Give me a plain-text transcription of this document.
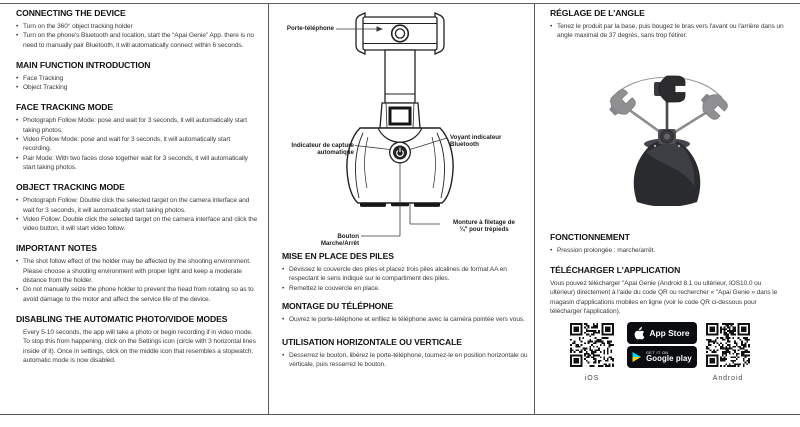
CONNECTING THE DEVICE
• Turn on the 360° object tracking holder
• Turn on the phone's Bluetooth and location, start the “Apai Genie” App. there is no need to manually pair Bluetooth, it will automatically connect within 6 seconds.
MAIN FUNCTION INTRODUCTION
• Face Tracking
• Object Tracking
FACE TRACKING MODE
• Photograph Follow Mode: pose and wait for 3 seconds, it will automatically start taking photos.
• Video Follow Mode: pose and wait for 3 seconds, it will automatically start recording.
• Pair Mode: With two faces close together wait for 3 seconds, it will automatically start taking photos.
OBJECT TRACKING MODE
• Photograph Follow: Double click the selected target on the camera interface and wait for 3 seconds, it will automatically start taking photos.
• Video Follow: Double click the selected target on the camera interface and click the video button, it will start video follow.
IMPORTANT NOTES
• The shot follow effect of the holder may be affected by the shooting environment. Please choose a shooting environment with proper light and keep a moderate distance from the holder.
• Do not manually seize the phone holder to prevent the head from rotating so as to avoid damage to the motor and affect the service life of the device.
DISABLING THE AUTOMATIC PHOTO/VIDOE MODES
Every 5-10 seconds, the app will take a photo or begin recording if in video mode. To stop this from happening, click on the Settings icon (circle with 3 horizontal lines inside of it). Once in settings, click on the middle icon that resembles a stopwatch; automatic mode is now disabled.
Porte-téléphone
Indicateur de capture automatique
Voyant indicateur Bluetooth
Bouton Marche/Arrêt
Monture à filetage de
¼" pour trépieds
MISE EN PLACE DES PILES
• Dévissez le couvercle des piles et placez trois piles alcalines de format AA en respectant le sens indiqué sur le compartiment des piles.
• Remettez le couvercle en place.
MONTAGE DU TÉLÉPHONE
• Ouvrez le porte-téléphone et enfilez le téléphone avec la caméra pointée vers vous.
UTILISATION HORIZONTALE OU VERTICALE
• Desserrez le bouton, libérez le porte-téléphone, tournez-le en position horizontale ou verticale, puis resserrez le bouton.
RÉGLAGE DE L'ANGLE
• Tenez le produit par la base, puis bougez le bras vers l'avant ou l'arrière dans un angle maximal de 37 degrés, sans trop l'étirer.
FONCTIONNEMENT
• Pression prolongée : marche/arrêt.
TÉLÉCHARGER L'APPLICATION
Vous pouvez télécharger "Apai Genie (Android 8.1 ou ultérieur, IOS10.0 ou ultérieur) directement à l'aide du code QR ou rechercher « "Apai Genie » dans le magasin d'applications mobiles en ligne (voir le code QR ci-dessous pour télécharger l'application).
App Store
GET IT ON
Google play
iOS	Android
